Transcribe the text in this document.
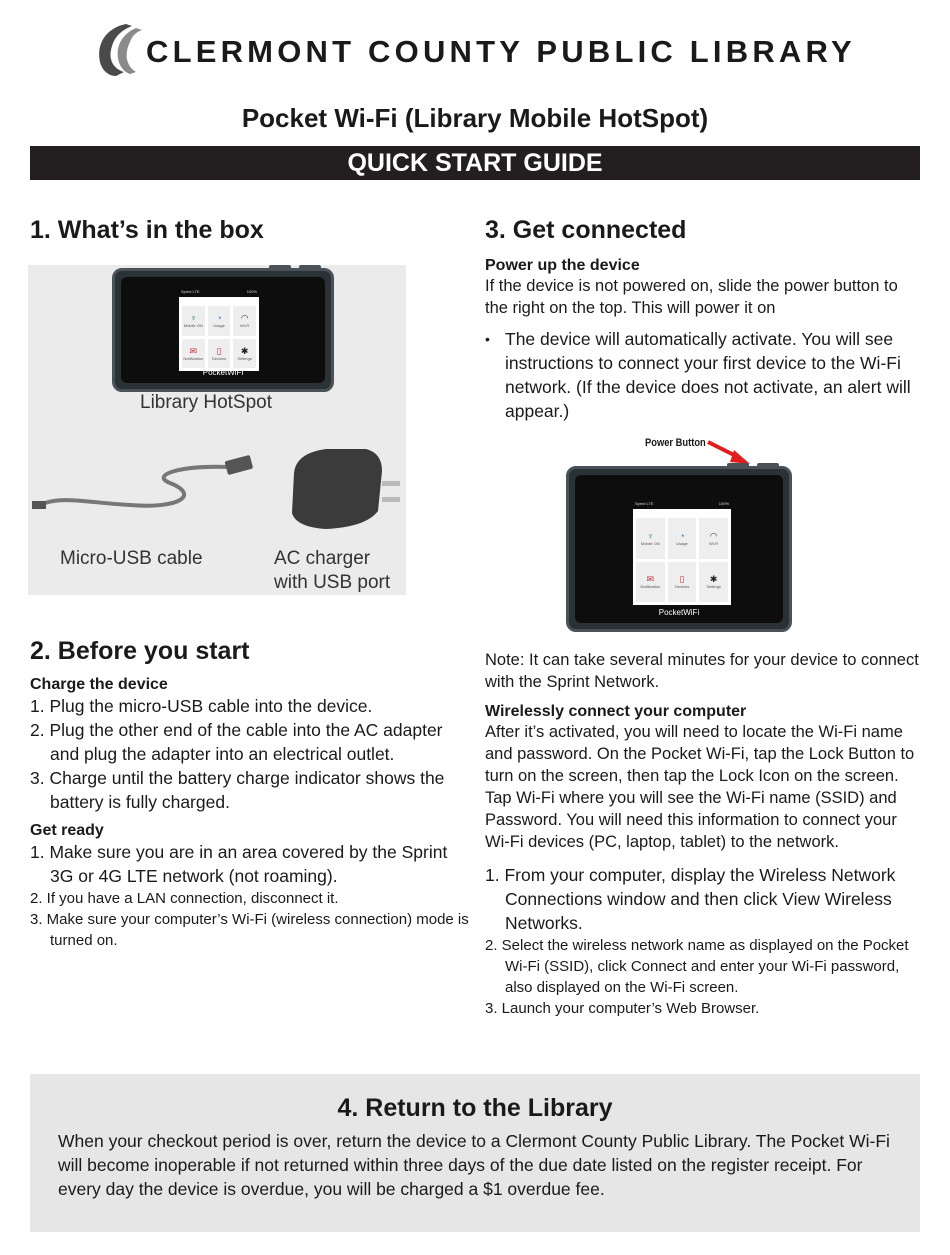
CLERMONT COUNTY PUBLIC LIBRARY
Pocket Wi-Fi (Library Mobile HotSpot)
QUICK START GUIDE
1. What’s in the box
Sprint LTE	100%
♆
Mobile ON
◔
Usage
◠
Wi-Fi
✉
Notification
▯
Devices
✱
Settings
PocketWiFi
Library HotSpot
Micro-USB cable	AC charger
with USB port
2. Before you start
Charge the device
1. Plug the micro-USB cable into the device.
2. Plug the other end of the cable into the AC adapter and plug the adapter into an electrical outlet.
3. Charge until the battery charge indicator shows the battery is fully charged.
Get ready
1. Make sure you are in an area covered by the Sprint 3G or 4G LTE network (not roaming).
2. If you have a LAN connection, disconnect it.
3. Make sure your computer’s Wi-Fi (wireless connection) mode is turned on.
3. Get connected
Power up the device

If the device is not powered on, slide the power button to the right on the top. This will power it on

• The device will automatically activate. You will see instructions to connect your first device to the Wi-Fi network. (If the device does not activate, an alert will appear.)
Power Button
Sprint LTE	100%
♆
Mobile ON
◔
Usage
◠
Wi-Fi
✉
Notification
▯
Devices
✱
Settings
PocketWiFi

Note: It can take several minutes for your device to connect with the Sprint Network.

Wirelessly connect your computer

After it’s activated, you will need to locate the Wi-Fi name and password. On the Pocket Wi-Fi, tap the Lock Button to turn on the screen, then tap the Lock Icon on the screen. Tap Wi-Fi where you will see the Wi-Fi name (SSID) and Password. You will need this information to connect your Wi-Fi devices (PC, laptop, tablet) to the network.

1. From your computer, display the Wireless Network Connections window and then click View Wireless Networks.
2. Select the wireless network name as displayed on the Pocket Wi-Fi (SSID), click Connect and enter your Wi-Fi password, also displayed on the Wi-Fi screen.
3. Launch your computer’s Web Browser.
4. Return to the Library

When your checkout period is over, return the device to a Clermont County Public Library. The Pocket Wi-Fi will become inoperable if not returned within three days of the due date listed on the register receipt. For every day the device is overdue, you will be charged a $1 overdue fee.
